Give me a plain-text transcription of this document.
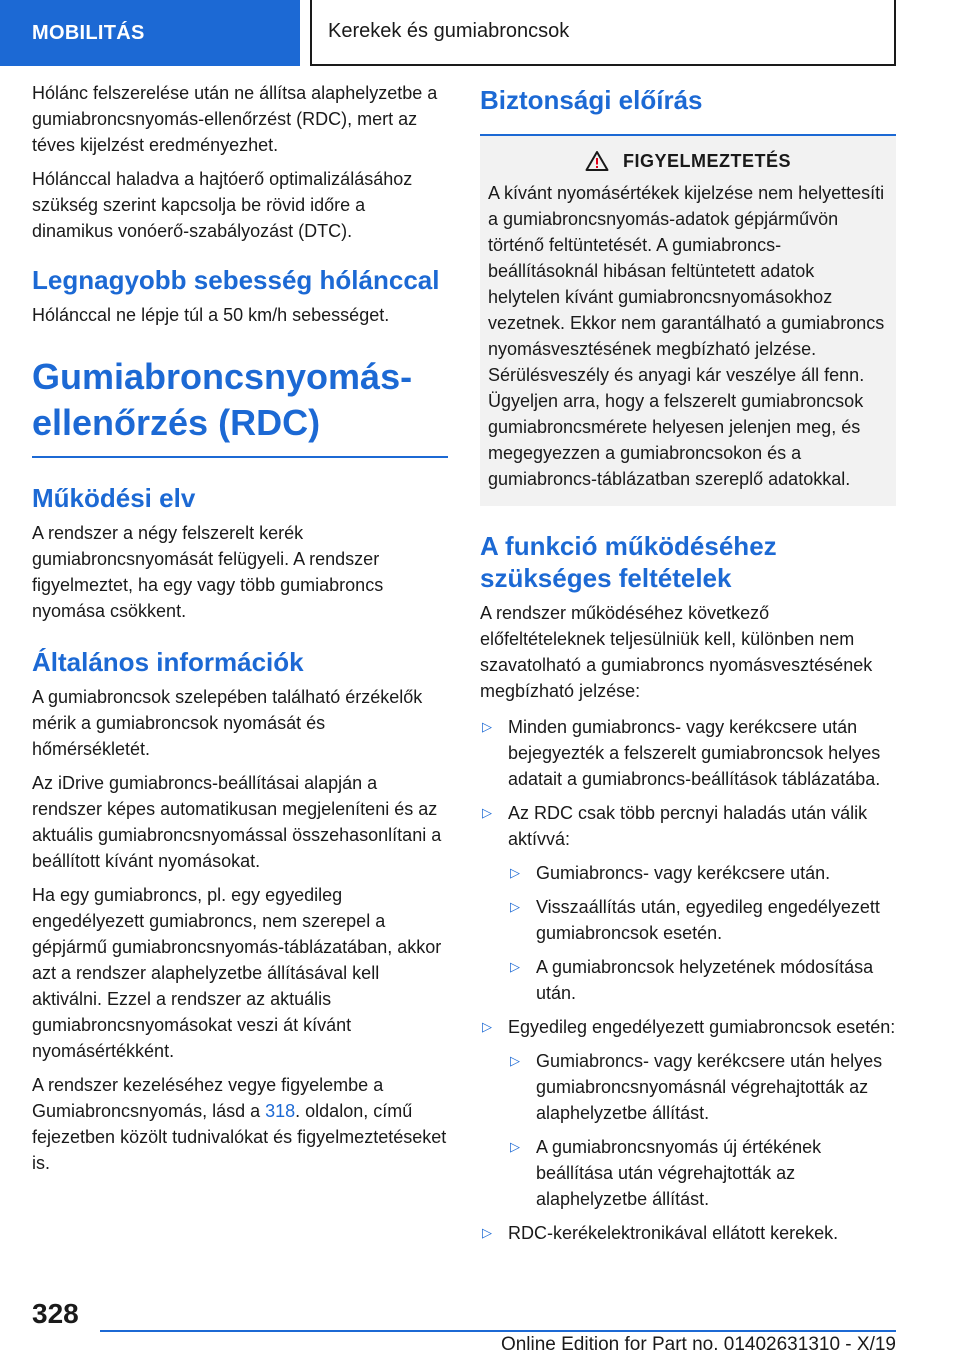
MOBILITÁS	Kerekek és gumiabroncsok

Hólánc felszerelése után ne állítsa alaphelyzetbe a gumiabroncsnyomás-ellenőrzést (RDC), mert az téves kijelzést eredményezhet.

Hólánccal haladva a hajtóerő optimalizálásához szükség szerint kapcsolja be rövid időre a dinamikus vonóerő-szabályozást (DTC).

Legnagyobb sebesség hólánccal

Hólánccal ne lépje túl a 50 km/h sebességet.

Gumiabroncsnyomás-ellenőrzés (RDC)
Működési elv

A rendszer a négy felszerelt kerék gumiabroncsnyomását felügyeli. A rendszer figyelmeztet, ha egy vagy több gumiabroncs nyomása csökkent.

Általános információk

A gumiabroncsok szelepében található érzékelők mérik a gumiabroncsok nyomását és hőmérsékletét.

Az iDrive gumiabroncs-beállításai alapján a rendszer képes automatikusan megjeleníteni és az aktuális gumiabroncsnyomással összehasonlítani a beállított kívánt nyomásokat.

Ha egy gumiabroncs, pl. egy egyedileg engedélyezett gumiabroncs, nem szerepel a gépjármű gumiabroncsnyomás-táblázatában, akkor azt a rendszer alaphelyzetbe állításával kell aktiválni. Ezzel a rendszer az aktuális gumiabroncsnyomásokat veszi át kívánt nyomásértékként.

A rendszer kezeléséhez vegye figyelembe a Gumiabroncsnyomás, lásd a 318. oldalon, című fejezetben közölt tudnivalókat és figyelmeztetéseket is.

Biztonsági előírás
FIGYELMEZTETÉS

A kívánt nyomásértékek kijelzése nem helyettesíti a gumiabroncsnyomás-adatok gépjárművön történő feltüntetését. A gumiabroncs-beállításoknál hibásan feltüntetett adatok helytelen kívánt gumiabroncsnyomásokhoz vezetnek. Ekkor nem garantálható a gumiabroncs nyomásvesztésének megbízható jelzése. Sérülésveszély és anyagi kár veszélye áll fenn. Ügyeljen arra, hogy a felszerelt gumiabroncsok gumiabroncsmérete helyesen jelenjen meg, és megegyezzen a gumiabroncsokon és a gumiabroncs-táblázatban szereplő adatokkal.

A funkció működéséhez szükséges feltételek

A rendszer működéséhez következő előfeltételeknek teljesülniük kell, különben nem szavatolható a gumiabroncs nyomásvesztésének megbízható jelzése:

▷ Minden gumiabroncs- vagy kerékcsere után bejegyezték a felszerelt gumiabroncsok helyes adatait a gumiabroncs-beállítások táblázatába.
▷ Az RDC csak több percnyi haladás után válik aktívvá:
▷ Gumiabroncs- vagy kerékcsere után.
▷ Visszaállítás után, egyedileg engedélyezett gumiabroncsok esetén.
▷ A gumiabroncsok helyzetének módosítása után.
▷ Egyedileg engedélyezett gumiabroncsok esetén:
▷ Gumiabroncs- vagy kerékcsere után helyes gumiabroncsnyomásnál végrehajtották az alaphelyzetbe állítást.
▷ A gumiabroncsnyomás új értékének beállítása után végrehajtották az alaphelyzetbe állítást.
▷ RDC-kerékelektronikával ellátott kerekek.
328
Online Edition for Part no. 01402631310 - X/19
